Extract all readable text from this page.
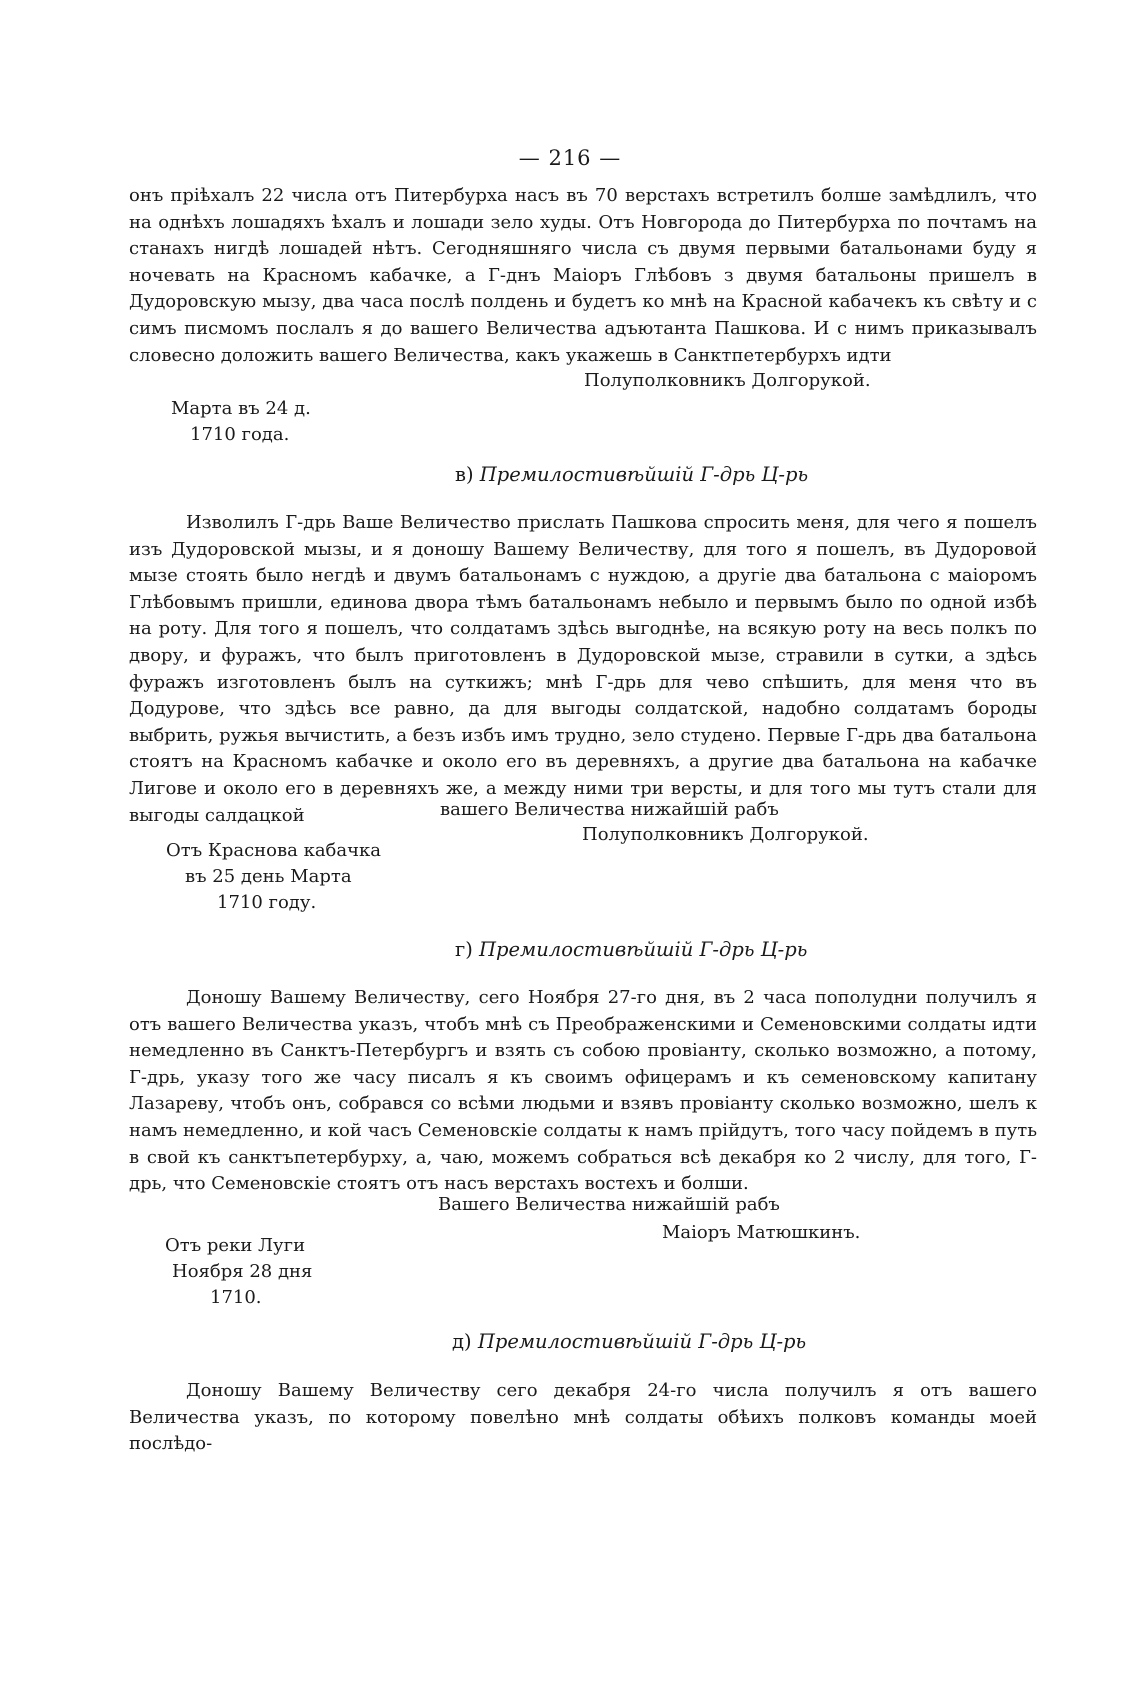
— 216 —
онъ пріѣхалъ 22 числа отъ Питербурха насъ въ 70 верстахъ встретилъ болше замѣдлилъ, что на однѣхъ лошадяхъ ѣхалъ и лошади зело худы. Отъ Новгорода до Питербурха по почтамъ на станахъ нигдѣ лошадей нѣтъ. Сегодняшняго числа съ двумя первыми батальонами буду я ночевать на Красномъ кабачке, а Г-днъ Маіоръ Глѣбовъ з двумя батальоны пришелъ в Дудоровскую мызу, два часа послѣ полдень и будетъ ко мнѣ на Красной кабачекъ къ свѣту и с симъ писмомъ послалъ я до вашего Величества адъютанта Пашкова. И с нимъ приказывалъ словесно доложить вашего Величества, какъ укажешь в Санктпетербурхъ идти
Полуполковникъ Долгорукой.
Марта въ 24 д.
1710 года.
в) Премилостивѣйшій Г-дрь Ц-рь
Изволилъ Г-дрь Ваше Величество прислать Пашкова спросить меня, для чего я пошелъ изъ Дудоровской мызы, и я доношу Вашему Величеству, для того я пошелъ, въ Дудоровой мызе стоять было негдѣ и двумъ батальонамъ с нуждою, а другіе два батальона с маіоромъ Глѣбовымъ пришли, единова двора тѣмъ батальонамъ небыло и первымъ было по одной избѣ на роту. Для того я пошелъ, что солдатамъ здѣсь выгоднѣе, на всякую роту на весь полкъ по двору, и фуражъ, что былъ приготовленъ в Дудоровской мызе, стравили в сутки, а здѣсь фуражъ изготовленъ былъ на суткижъ; мнѣ Г-дрь для чево спѣшить, для меня что въ Додурове, что здѣсь все равно, да для выгоды солдатской, надобно солдатамъ бороды выбрить, ружья вычистить, а безъ избъ имъ трудно, зело студено. Первые Г-дрь два батальона стоятъ на Красномъ кабачке и около его въ деревняхъ, а другие два батальона на кабачке Лигове и около его в деревняхъ же, а между ними три версты, и для того мы тутъ стали для выгоды салдацкой	вашего Величества нижайшій рабъ
Полуполковникъ Долгорукой.
Отъ Краснова кабачка
въ 25 день Марта
1710 году.
г) Премилостивѣйшій Г-дрь Ц-рь
Доношу Вашему Величеству, сего Ноября 27-го дня, въ 2 часа пополудни получилъ я отъ вашего Величества указъ, чтобъ мнѣ съ Преображенскими и Семеновскими солдаты идти немедленно въ Санктъ-Петербургъ и взять съ собою провіанту, сколько возможно, а потому, Г-дрь, указу того же часу писалъ я къ своимъ офицерамъ и къ семеновскому капитану Лазареву, чтобъ онъ, собрався со всѣми людьми и взявъ провіанту сколько возможно, шелъ к намъ немедленно, и кой часъ Семеновскіе солдаты к намъ прійдутъ, того часу пойдемъ в путь в свой къ санктъпетербурху, а, чаю, можемъ собраться всѣ декабря ко 2 числу, для того, Г-дрь, что Семеновскіе стоятъ отъ насъ верстахъ востехъ и болши.
Вашего Величества нижайшій рабъ
Маіоръ Матюшкинъ.
Отъ реки Луги
Ноября 28 дня
1710.
д) Премилостивѣйшій Г-дрь Ц-рь
Доношу Вашему Величеству сего декабря 24-го числа получилъ я отъ вашего Величества указъ, по которому повелѣно мнѣ солдаты обѣихъ полковъ команды моей послѣдо-
